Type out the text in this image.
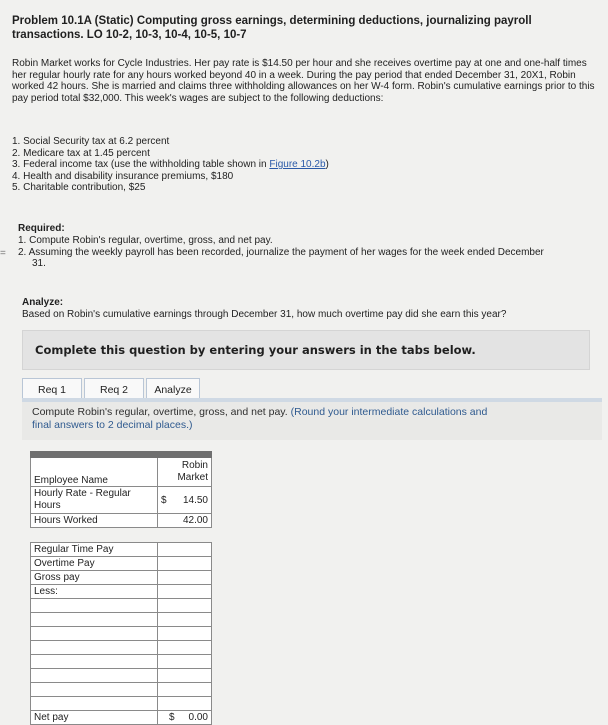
Problem 10.1A (Static) Computing gross earnings, determining deductions, journalizing payroll transactions. LO 10-2, 10-3, 10-4, 10-5, 10-7
Robin Market works for Cycle Industries. Her pay rate is $14.50 per hour and she receives overtime pay at one and one-half times her regular hourly rate for any hours worked beyond 40 in a week. During the pay period that ended December 31, 20X1, Robin worked 42 hours. She is married and claims three withholding allowances on her W-4 form. Robin's cumulative earnings prior to this pay period total $32,000. This week's wages are subject to the following deductions:
1. Social Security tax at 6.2 percent
2. Medicare tax at 1.45 percent
3. Federal income tax (use the withholding table shown in Figure 10.2b)
4. Health and disability insurance premiums, $180
5. Charitable contribution, $25
Required:
1. Compute Robin's regular, overtime, gross, and net pay.
2. Assuming the weekly payroll has been recorded, journalize the payment of her wages for the week ended December
31.
=
Analyze:
Based on Robin's cumulative earnings through December 31, how much overtime pay did she earn this year?
Complete this question by entering your answers in the tabs below.
Req 1	Req 2	Analyze
Compute Robin's regular, overtime, gross, and net pay. (Round your intermediate calculations and final answers to 2 decimal places.)

Employee Name	Robin
Market
Hourly Rate - Regular Hours	$ 14.50
Hours Worked	42.00

Regular Time Pay	
Overtime Pay	
Gross pay	
Less:	

Net pay	$ 0.00
